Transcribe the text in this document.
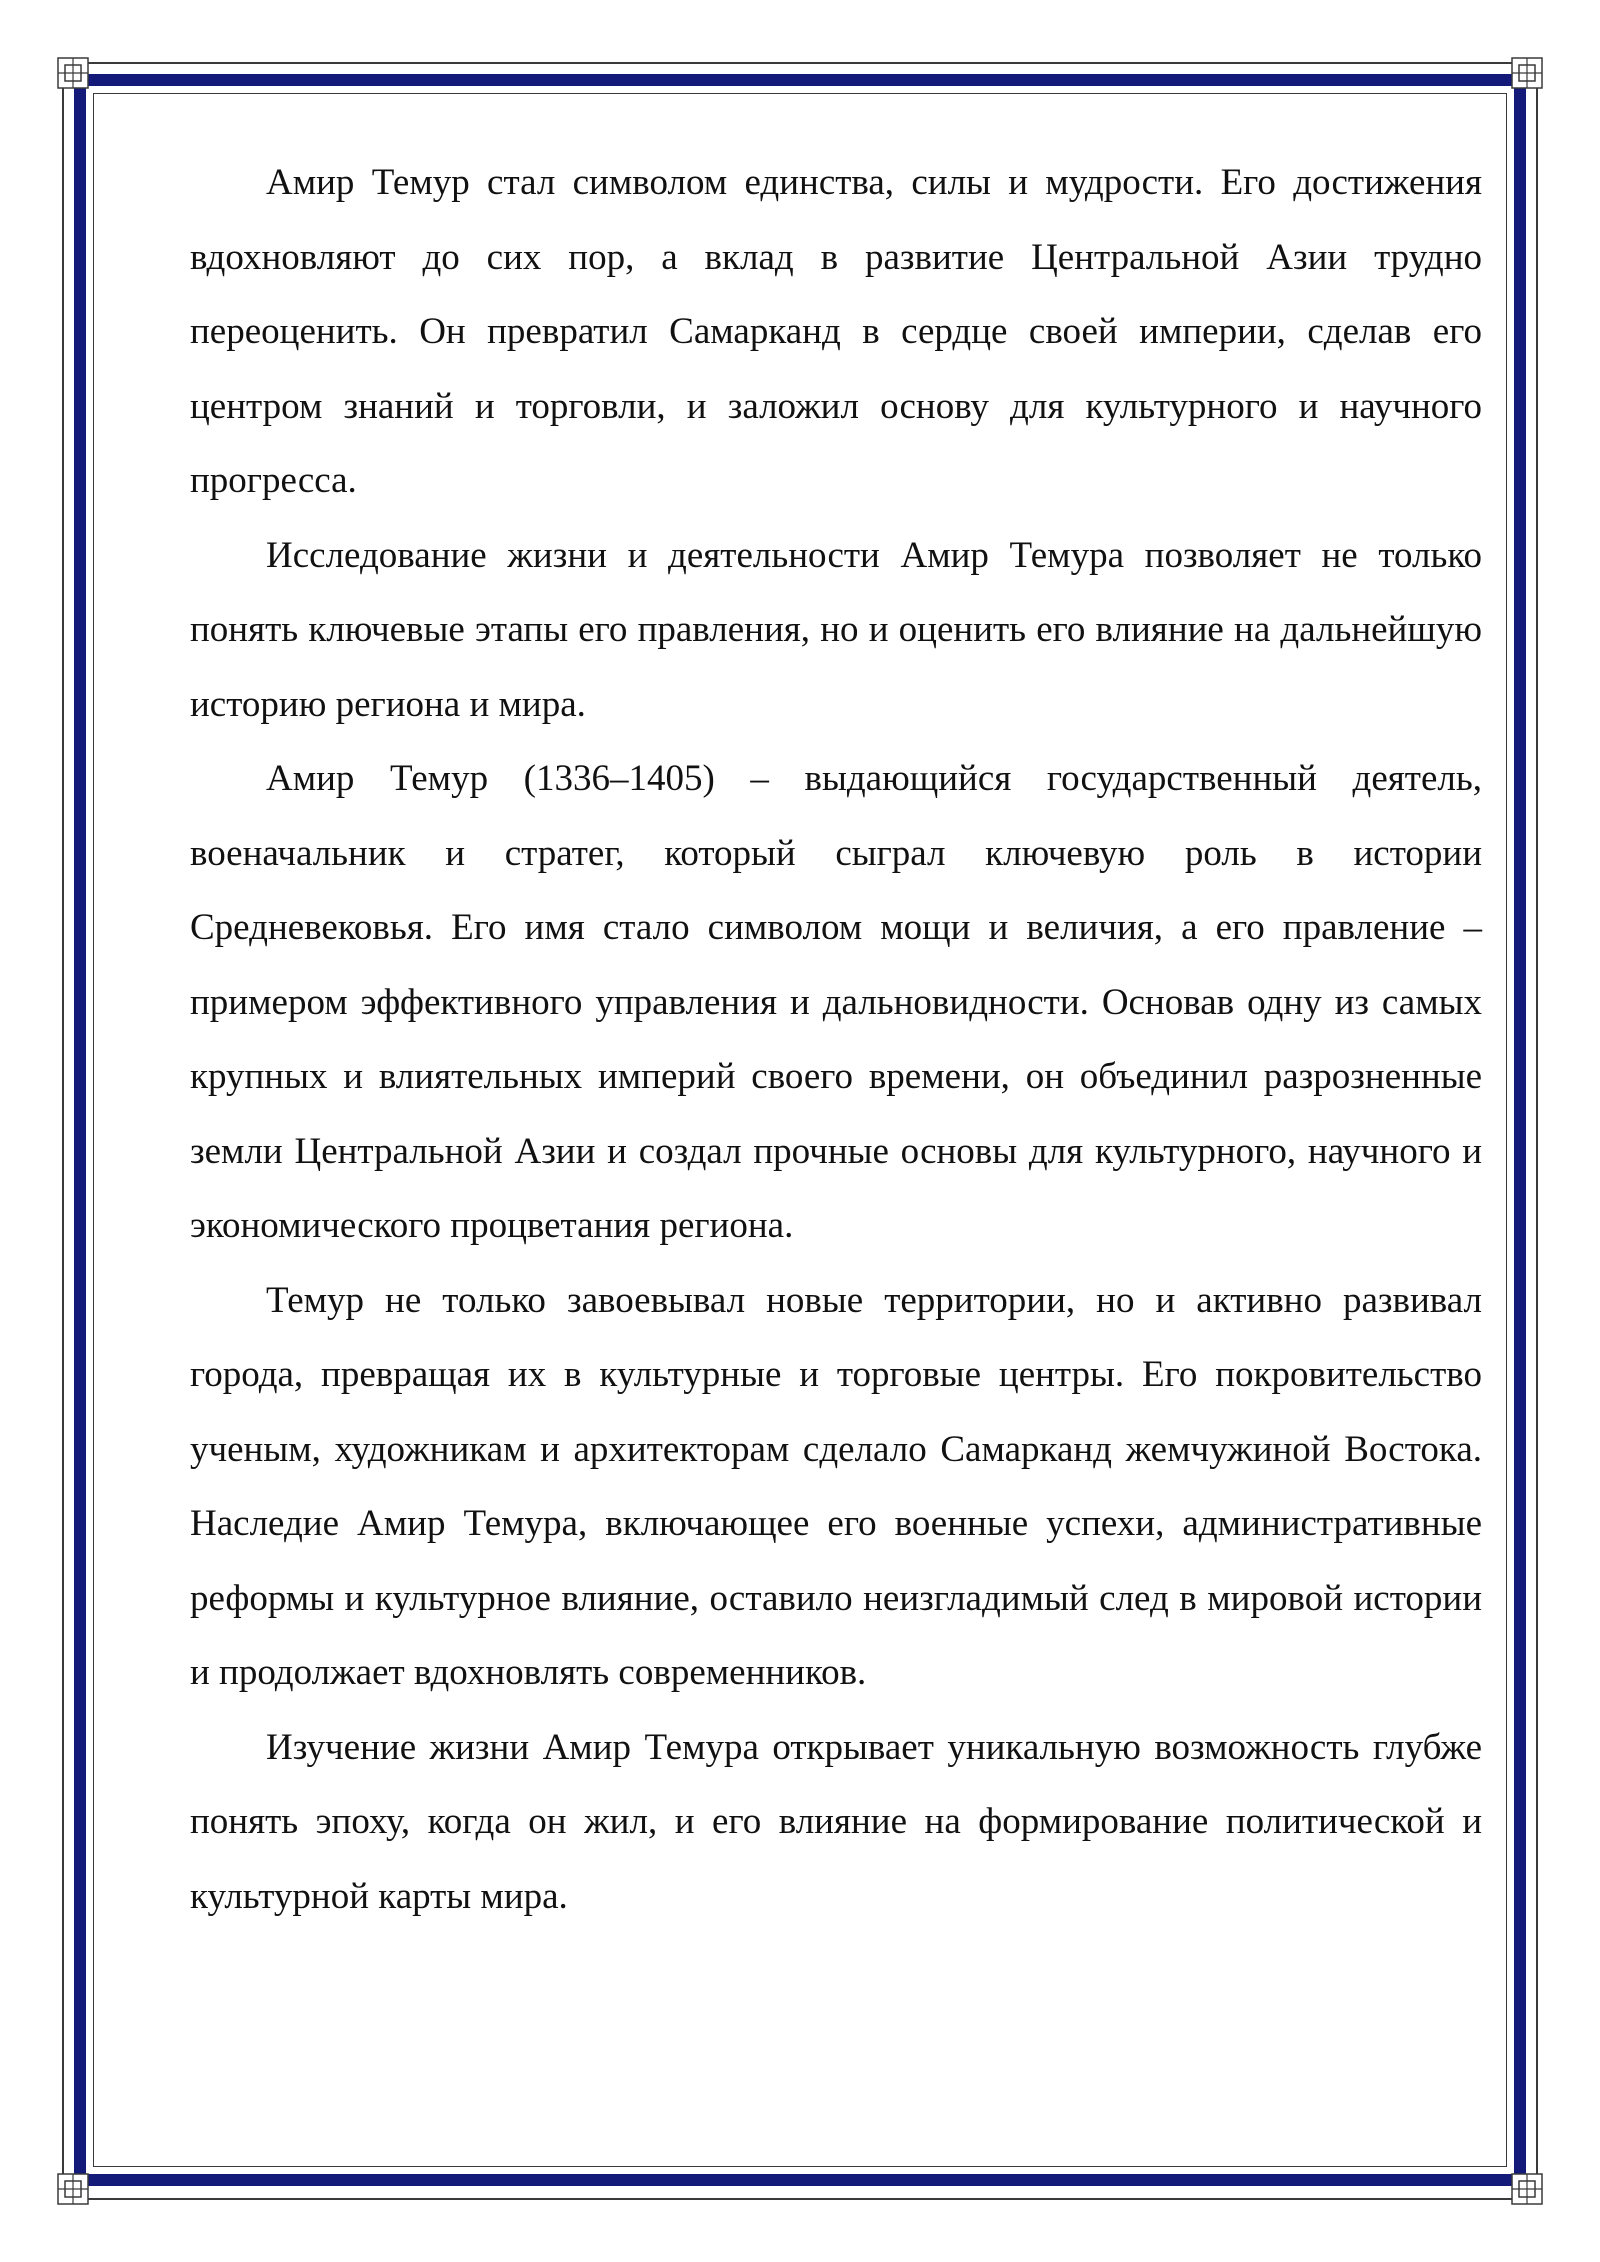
Амир Темур стал символом единства, силы и мудрости. Его достижения вдохновляют до сих пор, а вклад в развитие Центральной Азии трудно переоценить. Он превратил Самарканд в сердце своей империи, сделав его центром знаний и торговли, и заложил основу для культурного и научного прогресса.

Исследование жизни и деятельности Амир Темура позволяет не только понять ключевые этапы его правления, но и оценить его влияние на дальнейшую историю региона и мира.

Амир Темур (1336–1405) – выдающийся государственный деятель, военачальник и стратег, который сыграл ключевую роль в истории Средневековья. Его имя стало символом мощи и величия, а его правление – примером эффективного управления и дальновидности. Основав одну из самых крупных и влиятельных империй своего времени, он объединил разрозненные земли Центральной Азии и создал прочные основы для культурного, научного и экономического процветания региона.

Темур не только завоевывал новые территории, но и активно развивал города, превращая их в культурные и торговые центры. Его покровительство ученым, художникам и архитекторам сделало Самарканд жемчужиной Востока. Наследие Амир Темура, включающее его военные успехи, административные реформы и культурное влияние, оставило неизгладимый след в мировой истории и продолжает вдохновлять современников.

Изучение жизни Амир Темура открывает уникальную возможность глубже понять эпоху, когда он жил, и его влияние на формирование политической и культурной карты мира.
